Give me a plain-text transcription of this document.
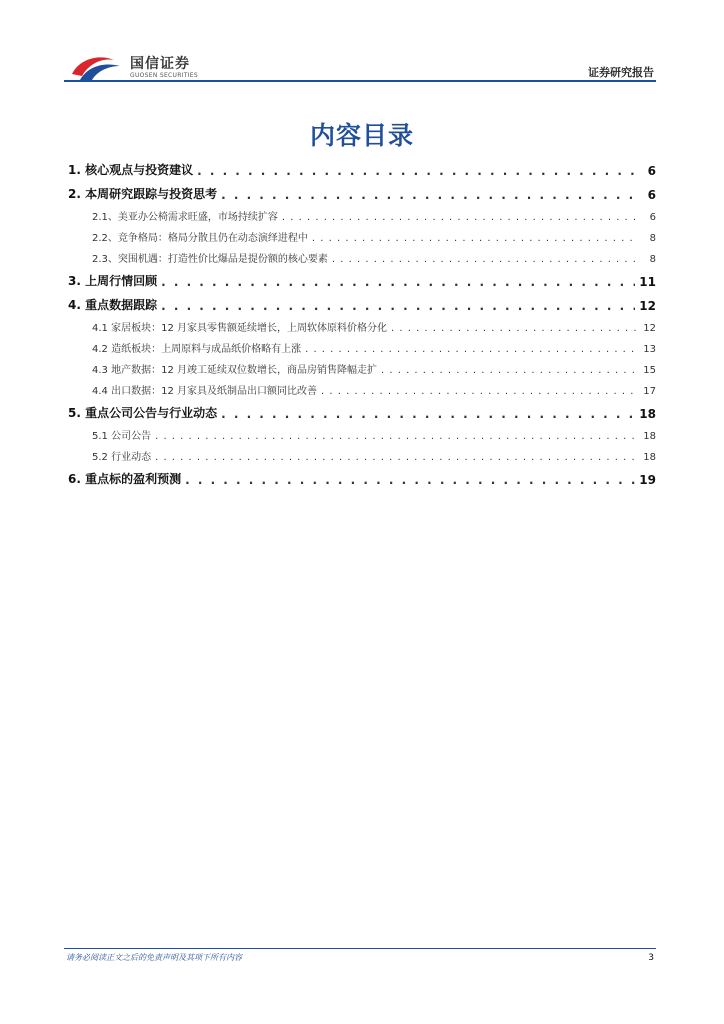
国信证券
GUOSEN SECURITIES	证券研究报告
内容目录
1. 核心观点与投资建议 . . .	6
2. 本周研究跟踪与投资思考 . . .	6
2.1、美亚办公椅需求旺盛，市场持续扩容 . . .	6
2.2、竞争格局：格局分散且仍在动态演绎进程中 . . .	8
2.3、突围机遇：打造性价比爆品是提份额的核心要素 . . .	8
3. 上周行情回顾 . . .	11
4. 重点数据跟踪 . . .	12
4.1 家居板块：12 月家具零售额延续增长，上周软体原料价格分化 . . .	12
4.2 造纸板块：上周原料与成品纸价格略有上涨 . . .	13
4.3 地产数据：12 月竣工延续双位数增长，商品房销售降幅走扩 . . .	15
4.4 出口数据：12 月家具及纸制品出口额同比改善 . . .	17
5. 重点公司公告与行业动态 . . .	18
5.1 公司公告 . . .	18
5.2 行业动态 . . .	18
6. 重点标的盈利预测 . . .	19
请务必阅读正文之后的免责声明及其项下所有内容	3
